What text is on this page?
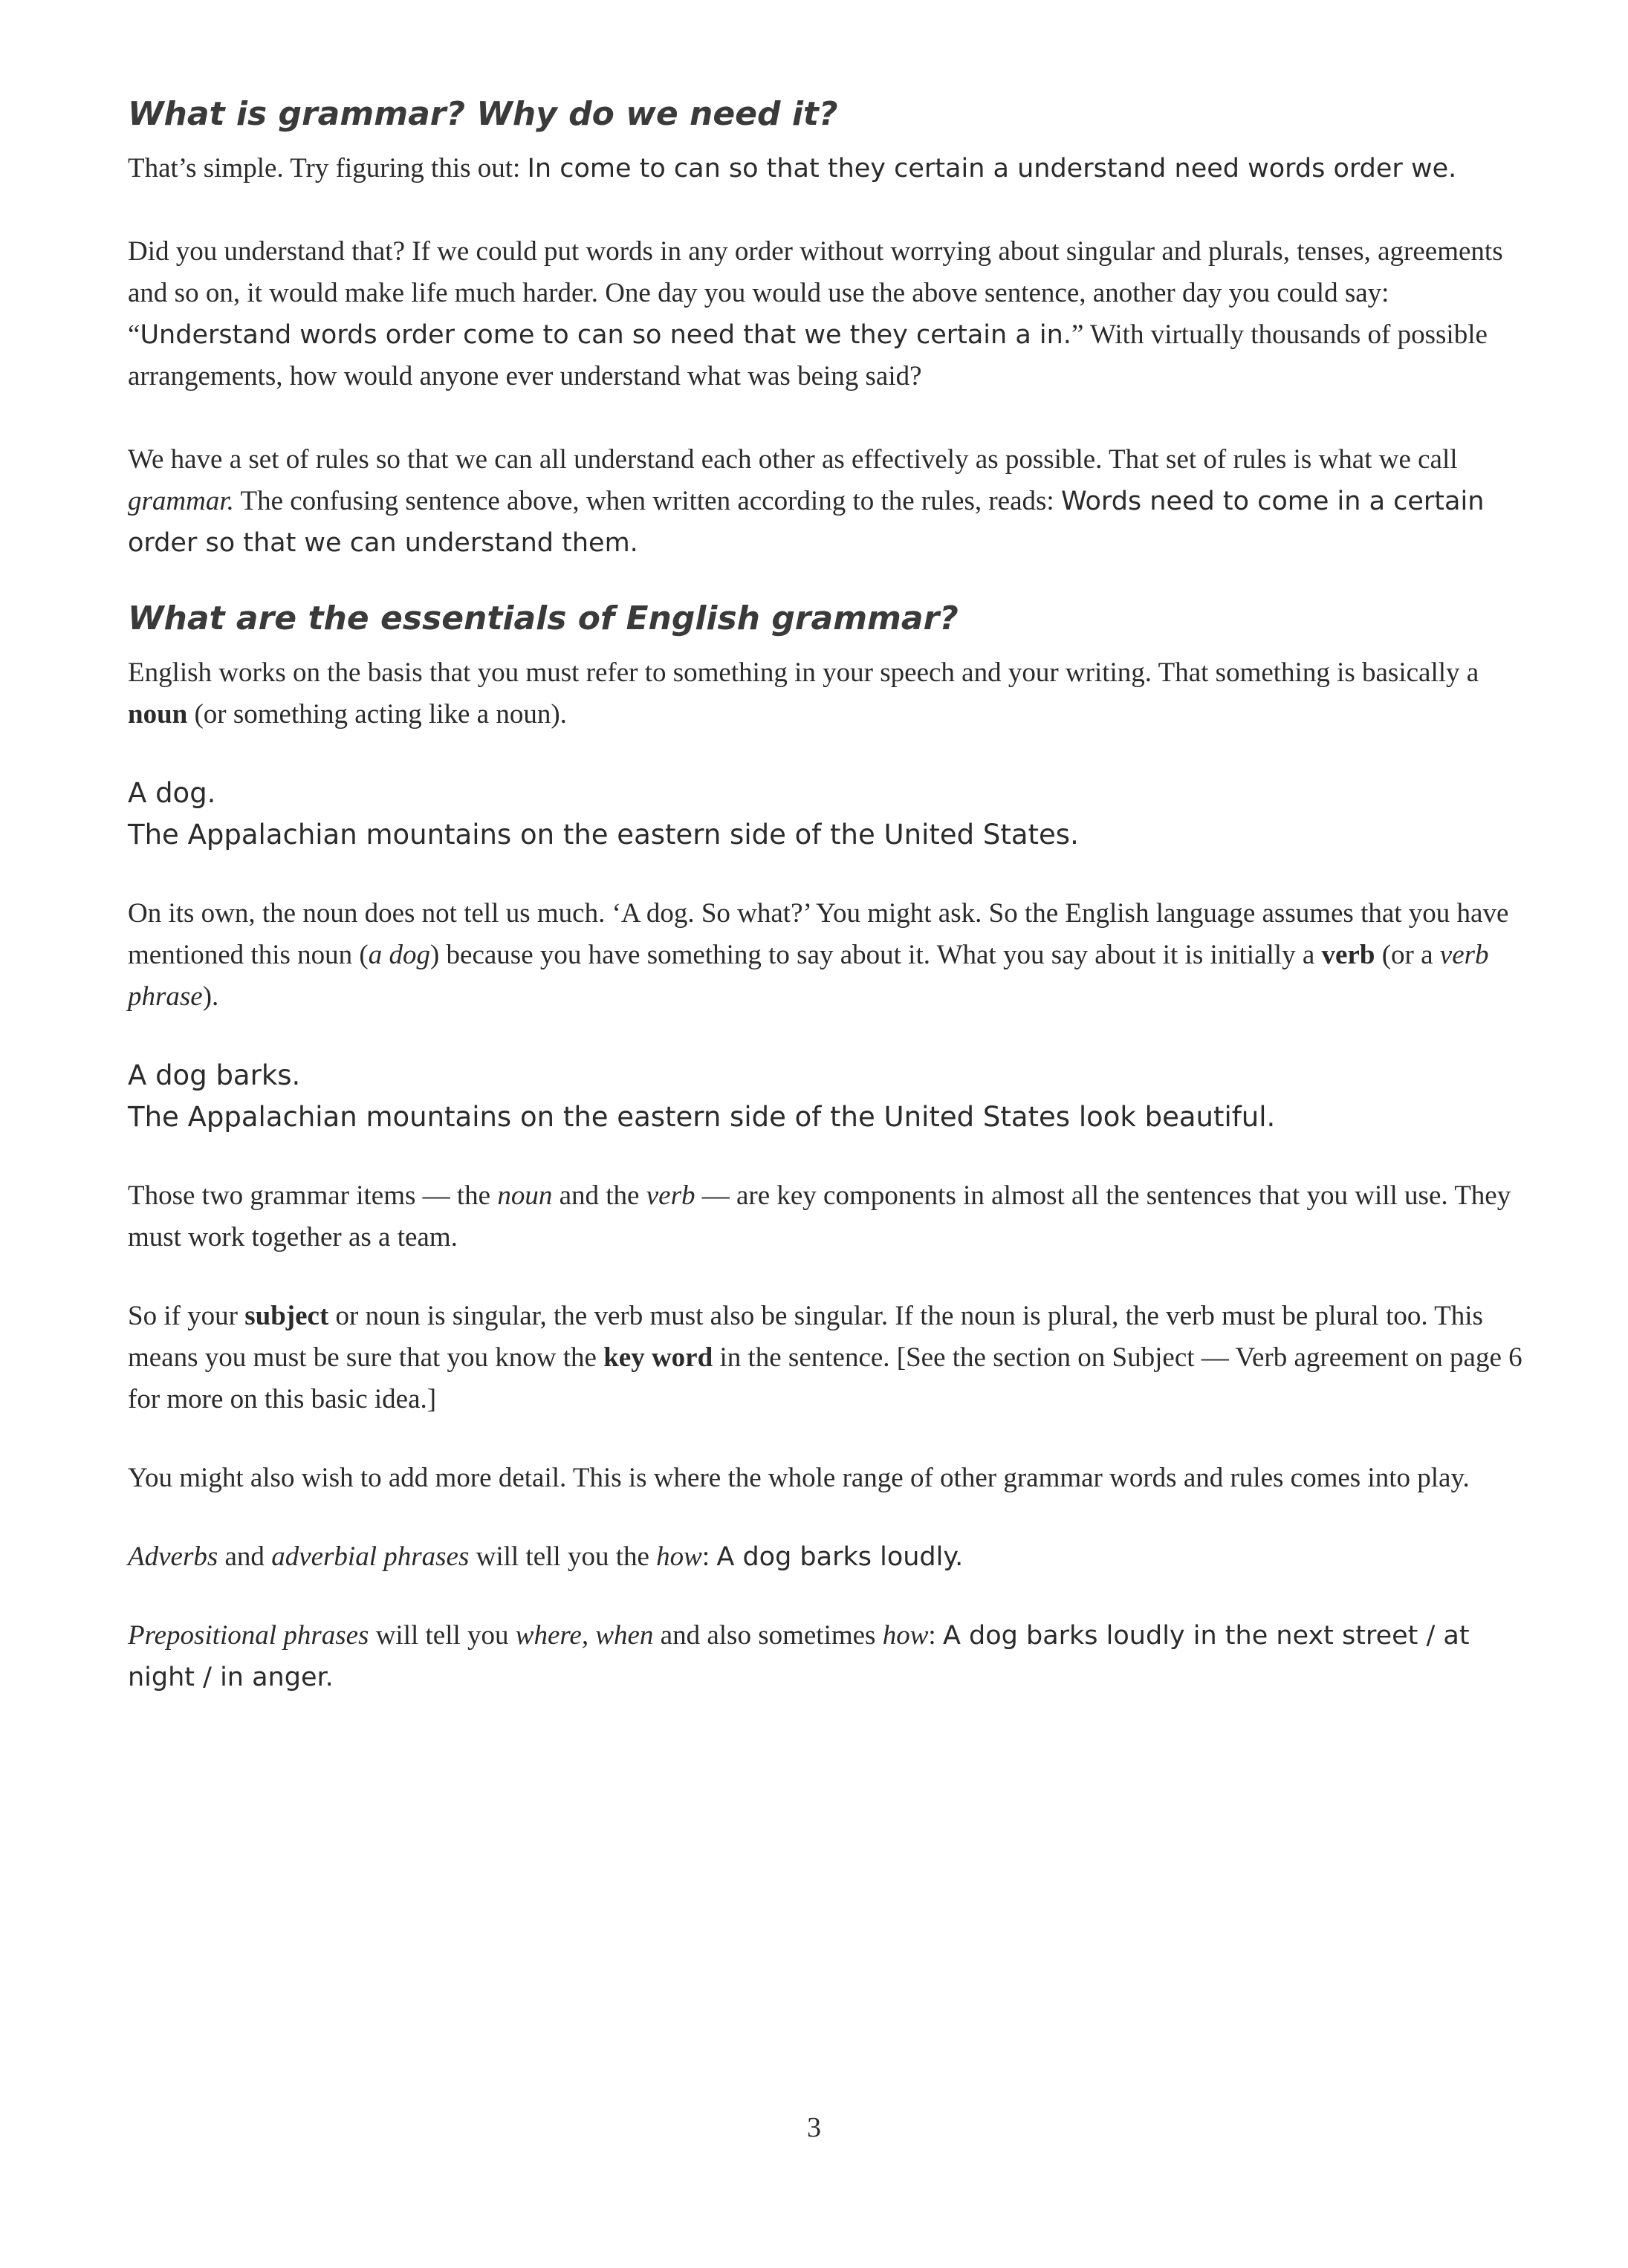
What is grammar? Why do we need it?

That’s simple. Try figuring this out: In come to can so that they certain a understand need words order we.

Did you understand that? If we could put words in any order without worrying about singular and plurals, tenses, agreements and so on, it would make life much harder. One day you would use the above sentence, another day you could say: “Understand words order come to can so need that we they certain a in.” With virtually thousands of possible arrangements, how would anyone ever understand what was being said?

We have a set of rules so that we can all understand each other as effectively as possible. That set of rules is what we call grammar. The confusing sentence above, when written according to the rules, reads: Words need to come in a certain order so that we can understand them.

What are the essentials of English grammar?

English works on the basis that you must refer to something in your speech and your writing. That something is basically a noun (or something acting like a noun).

A dog.

The Appalachian mountains on the eastern side of the United States.

On its own, the noun does not tell us much. ‘A dog. So what?’ You might ask. So the English language assumes that you have mentioned this noun (a dog) because you have something to say about it. What you say about it is initially a verb (or a verb phrase).

A dog barks.

The Appalachian mountains on the eastern side of the United States look beautiful.

Those two grammar items — the noun and the verb — are key components in almost all the sentences that you will use. They must work together as a team.

So if your subject or noun is singular, the verb must also be singular. If the noun is plural, the verb must be plural too. This means you must be sure that you know the key word in the sentence. [See the section on Subject — Verb agreement on page 6 for more on this basic idea.]

You might also wish to add more detail. This is where the whole range of other grammar words and rules comes into play.

Adverbs and adverbial phrases will tell you the how: A dog barks loudly.

Prepositional phrases will tell you where, when and also sometimes how: A dog barks loudly in the next street / at night / in anger.

3
